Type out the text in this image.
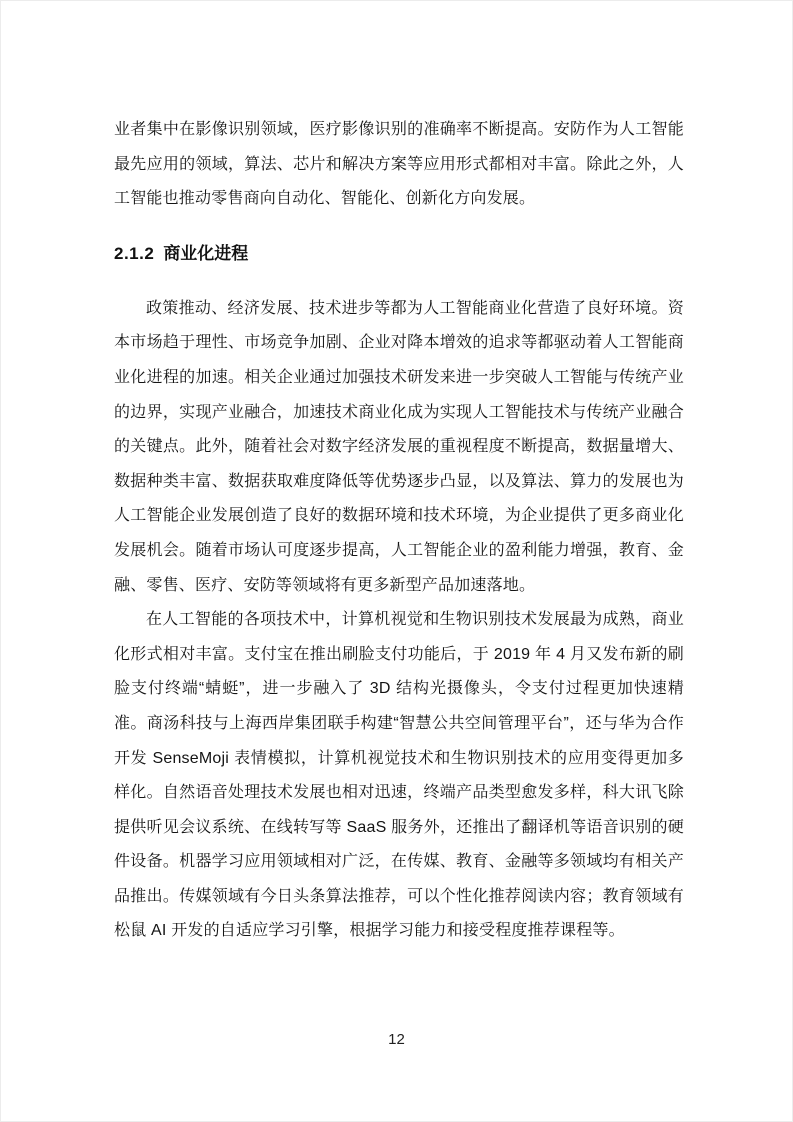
业者集中在影像识别领域，医疗影像识别的准确率不断提高。安防作为人工智能最先应用的领域，算法、芯片和解决方案等应用形式都相对丰富。除此之外，人工智能也推动零售商向自动化、智能化、创新化方向发展。

2.1.2 商业化进程

政策推动、经济发展、技术进步等都为人工智能商业化营造了良好环境。资本市场趋于理性、市场竞争加剧、企业对降本增效的追求等都驱动着人工智能商业化进程的加速。相关企业通过加强技术研发来进一步突破人工智能与传统产业的边界，实现产业融合，加速技术商业化成为实现人工智能技术与传统产业融合的关键点。此外，随着社会对数字经济发展的重视程度不断提高，数据量增大、数据种类丰富、数据获取难度降低等优势逐步凸显，以及算法、算力的发展也为人工智能企业发展创造了良好的数据环境和技术环境，为企业提供了更多商业化发展机会。随着市场认可度逐步提高，人工智能企业的盈利能力增强，教育、金融、零售、医疗、安防等领域将有更多新型产品加速落地。

在人工智能的各项技术中，计算机视觉和生物识别技术发展最为成熟，商业化形式相对丰富。支付宝在推出刷脸支付功能后，于 2019 年 4 月又发布新的刷脸支付终端“蜻蜓”，进一步融入了 3D 结构光摄像头，令支付过程更加快速精准。商汤科技与上海西岸集团联手构建“智慧公共空间管理平台”，还与华为合作开发 SenseMoji 表情模拟，计算机视觉技术和生物识别技术的应用变得更加多样化。自然语音处理技术发展也相对迅速，终端产品类型愈发多样，科大讯飞除提供听见会议系统、在线转写等 SaaS 服务外，还推出了翻译机等语音识别的硬件设备。机器学习应用领域相对广泛，在传媒、教育、金融等多领域均有相关产品推出。传媒领域有今日头条算法推荐，可以个性化推荐阅读内容；教育领域有松鼠 AI 开发的自适应学习引擎，根据学习能力和接受程度推荐课程等。

12
